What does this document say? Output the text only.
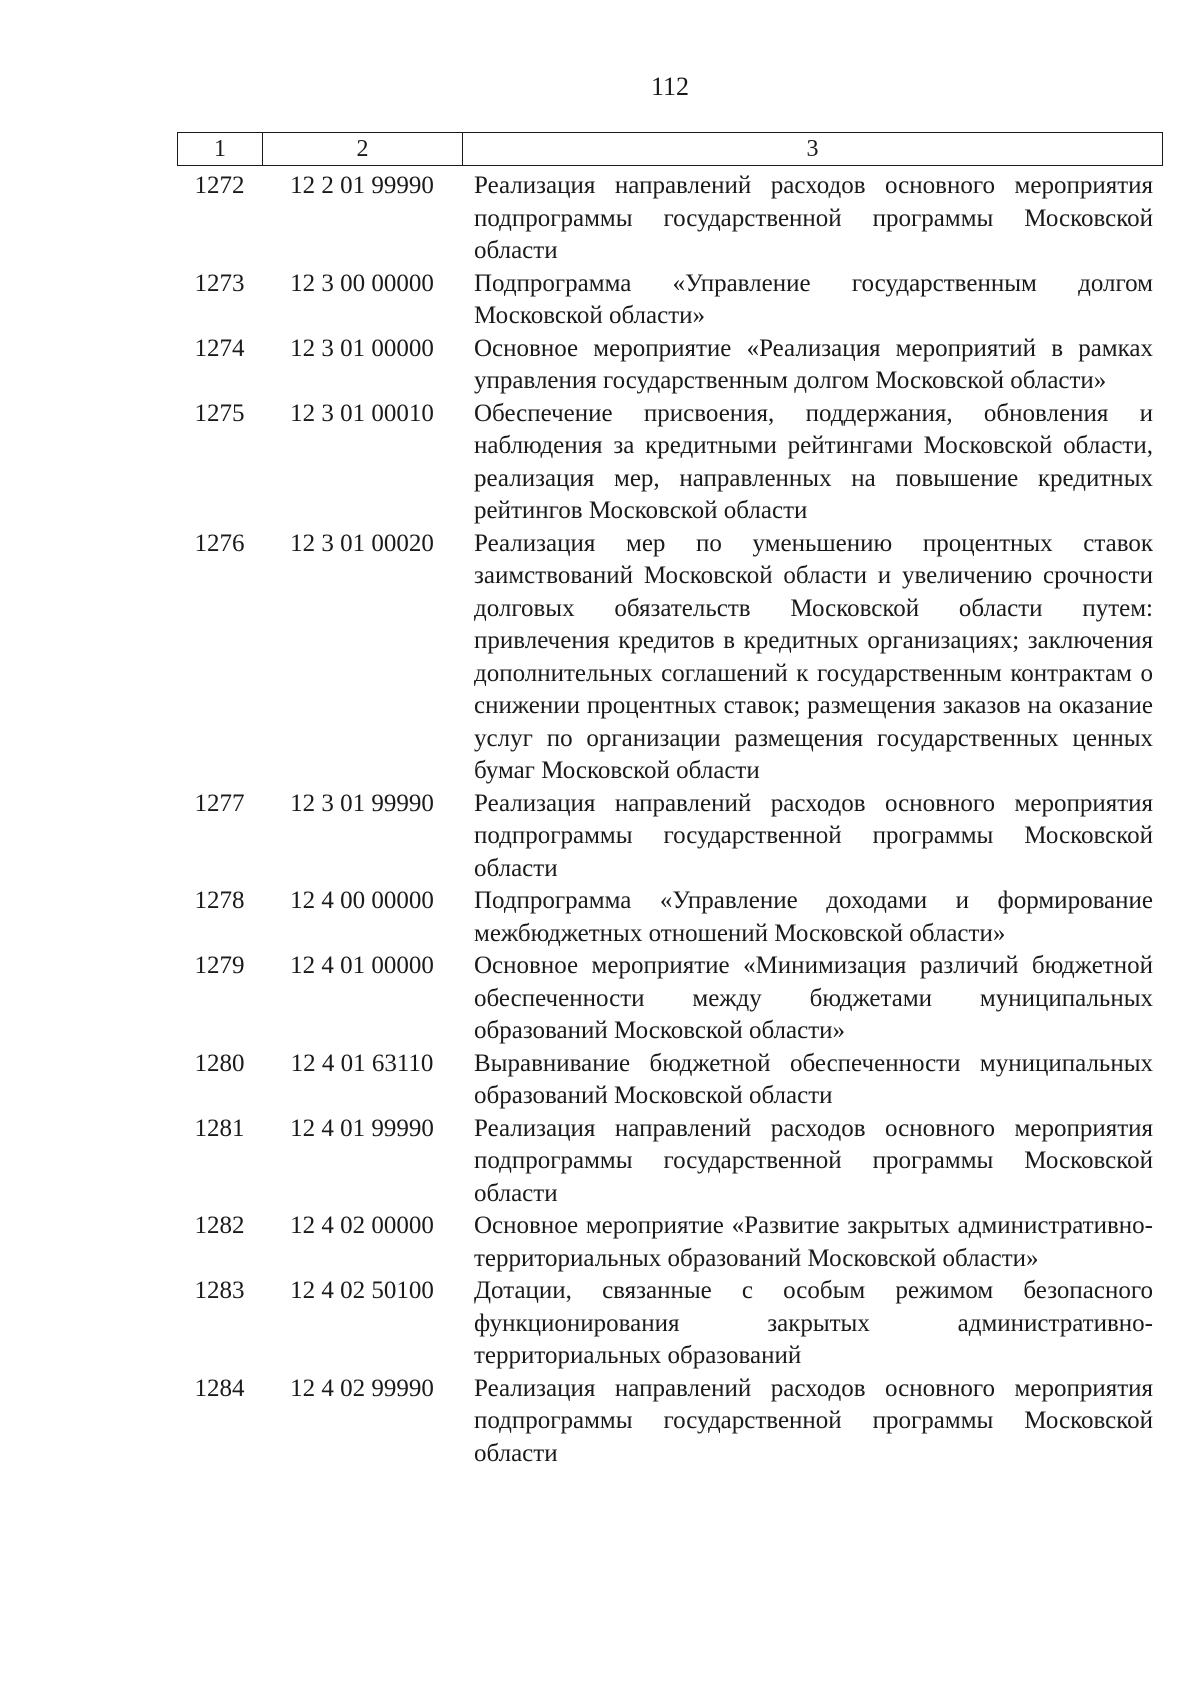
112
1	2	3
1272	12 2 01 99990	Реализация направлений расходов основного мероприятия подпрограммы государственной программы Московской области
1273	12 3 00 00000	Подпрограмма «Управление государственным долгом Московской области»
1274	12 3 01 00000	Основное мероприятие «Реализация мероприятий в рамках управления государственным долгом Московской области»
1275	12 3 01 00010	Обеспечение присвоения, поддержания, обновления и наблюдения за кредитными рейтингами Московской области, реализация мер, направленных на повышение кредитных рейтингов Московской области
1276	12 3 01 00020	Реализация мер по уменьшению процентных ставок заимствований Московской области и увеличению срочности долговых обязательств Московской области путем: привлечения кредитов в кредитных организациях; заключения дополнительных соглашений к государственным контрактам о снижении процентных ставок; размещения заказов на оказание услуг по организации размещения государственных ценных бумаг Московской области
1277	12 3 01 99990	Реализация направлений расходов основного мероприятия подпрограммы государственной программы Московской области
1278	12 4 00 00000	Подпрограмма «Управление доходами и формирование межбюджетных отношений Московской области»
1279	12 4 01 00000	Основное мероприятие «Минимизация различий бюджетной обеспеченности между бюджетами муниципальных образований Московской области»
1280	12 4 01 63110	Выравнивание бюджетной обеспеченности муниципальных образований Московской области
1281	12 4 01 99990	Реализация направлений расходов основного мероприятия подпрограммы государственной программы Московской области
1282	12 4 02 00000	Основное мероприятие «Развитие закрытых административно-территориальных образований Московской области»
1283	12 4 02 50100	Дотации, связанные с особым режимом безопасного функционирования закрытых административно-территориальных образований
1284	12 4 02 99990	Реализация направлений расходов основного мероприятия подпрограммы государственной программы Московской области
